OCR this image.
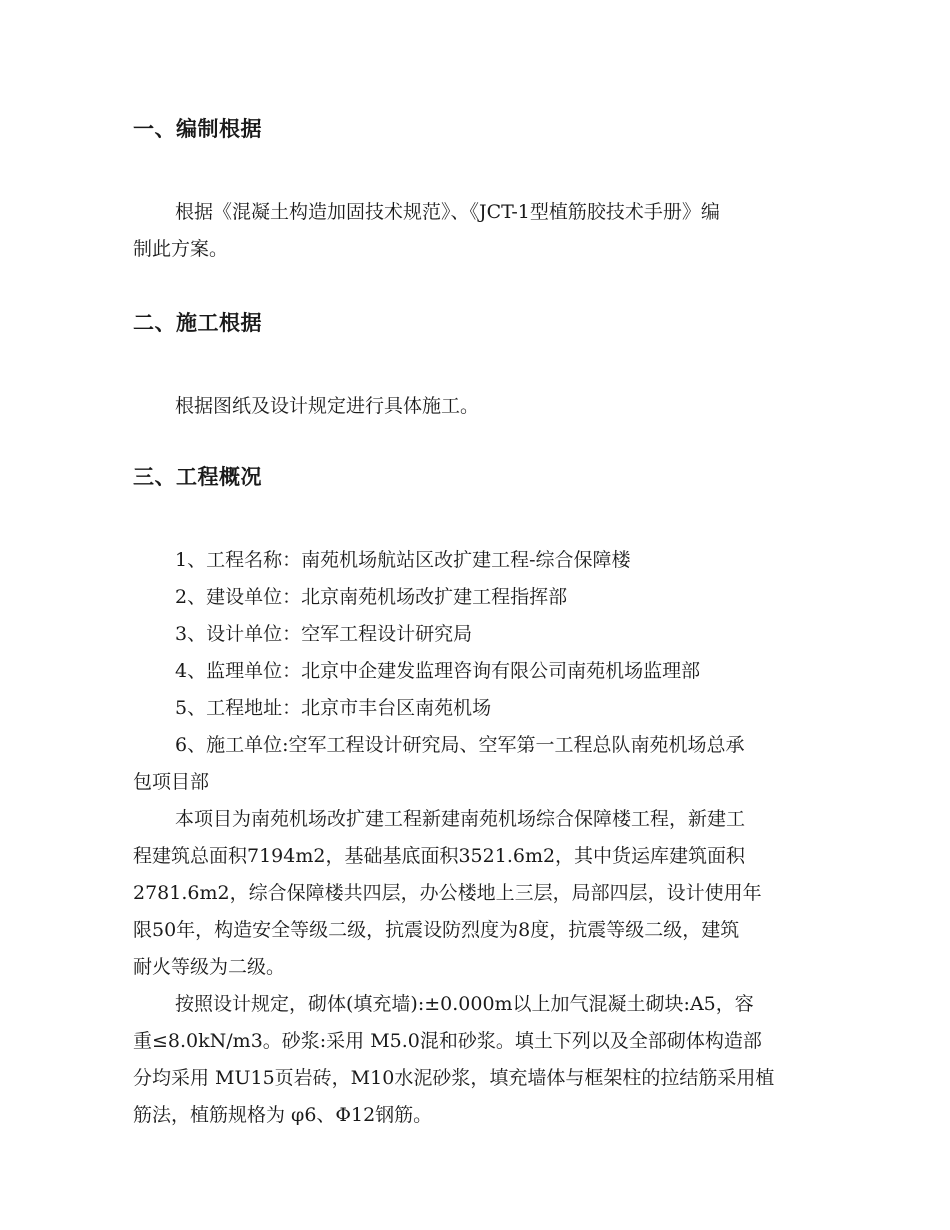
一、编制根据
根据《混凝土构造加固技术规范》、《JCT-1型植筋胶技术手册》编
制此方案。
二、施工根据
根据图纸及设计规定进行具体施工。
三、工程概况
1、工程名称：南苑机场航站区改扩建工程-综合保障楼
2、建设单位：北京南苑机场改扩建工程指挥部
3、设计单位：空军工程设计研究局
4、监理单位：北京中企建发监理咨询有限公司南苑机场监理部
5、工程地址：北京市丰台区南苑机场
6、施工单位:空军工程设计研究局、空军第一工程总队南苑机场总承
包项目部
本项目为南苑机场改扩建工程新建南苑机场综合保障楼工程，新建工
程建筑总面积7194m2，基础基底面积3521.6m2，其中货运库建筑面积
2781.6m2，综合保障楼共四层，办公楼地上三层，局部四层，设计使用年
限50年，构造安全等级二级，抗震设防烈度为8度，抗震等级二级，建筑
耐火等级为二级。
按照设计规定，砌体(填充墙):±0.000m以上加气混凝土砌块:A5，容
重≤8.0kN/m3。砂浆:采用 M5.0混和砂浆。填土下列以及全部砌体构造部
分均采用 MU15页岩砖，M10水泥砂浆，填充墙体与框架柱的拉结筋采用植
筋法，植筋规格为 φ6、Φ12钢筋。
